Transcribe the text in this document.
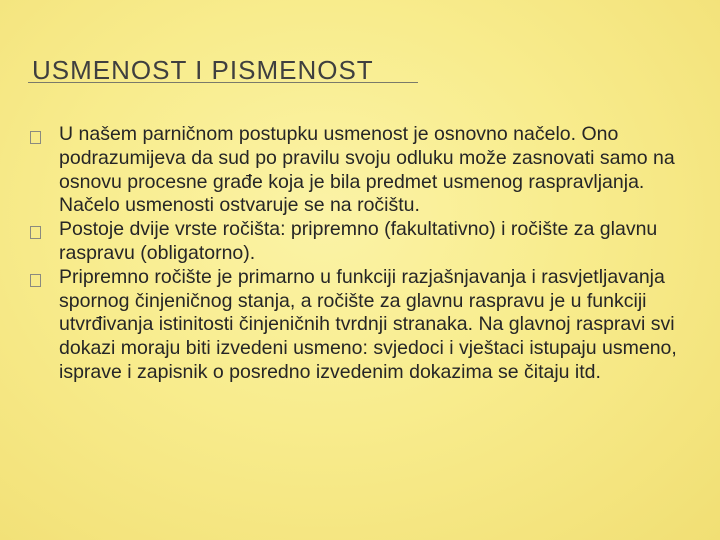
USMENOST I PISMENOST
U našem parničnom postupku usmenost je osnovno načelo. Ono podrazumijeva da sud po pravilu svoju odluku može zasnovati samo na osnovu procesne građe koja je bila predmet usmenog raspravljanja. Načelo usmenosti ostvaruje se na ročištu.
Postoje dvije vrste ročišta: pripremno (fakultativno) i ročište za glavnu raspravu (obligatorno).
Pripremno ročište je primarno u funkciji razjašnjavanja i rasvjetljavanja spornog činjeničnog stanja, a ročište za glavnu raspravu je u funkciji utvrđivanja istinitosti činjeničnih tvrdnji stranaka. Na glavnoj raspravi svi dokazi moraju biti izvedeni usmeno: svjedoci i vještaci istupaju usmeno, isprave i zapisnik o posredno izvedenim dokazima se čitaju itd.
